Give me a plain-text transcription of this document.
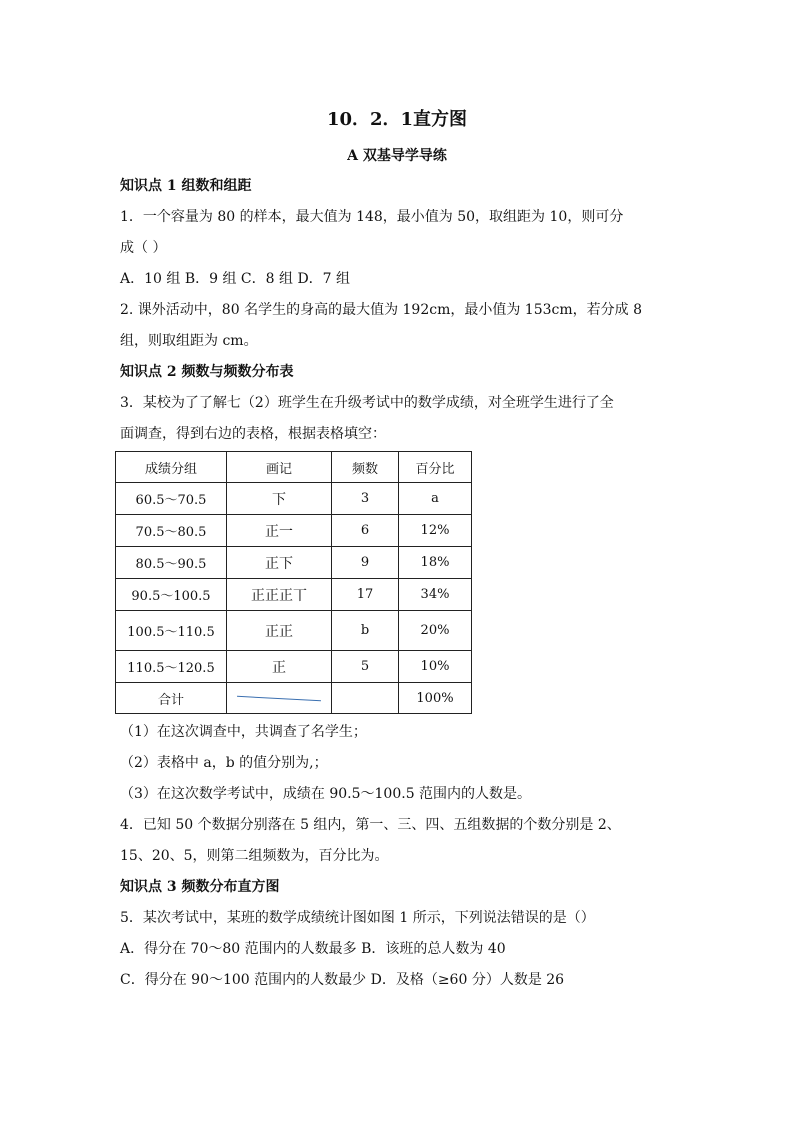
10．2．1直方图
A 双基导学导练
知识点 1 组数和组距
1．一个容量为 80 的样本，最大值为 148，最小值为 50，取组距为 10，则可分
成（ ）
A．10 组 B．9 组 C．8 组 D．7 组
2. 课外活动中，80 名学生的身高的最大值为 192cm，最小值为 153cm，若分成 8
组，则取组距为 cm。
知识点 2 频数与频数分布表
3．某校为了了解七（2）班学生在升级考试中的数学成绩，对全班学生进行了全
面调查，得到右边的表格，根据表格填空：
成绩分组	画记	频数	百分比
60.5～70.5	下	3	a
70.5～80.5	正一	6	12%
80.5～90.5	正下	9	18%
90.5～100.5	正正正丅	17	34%
100.5～110.5	正正	b	20%
110.5～120.5	正	5	10%
合计			100%
（1）在这次调查中，共调查了名学生；
（2）表格中 a，b 的值分别为,；
（3）在这次数学考试中，成绩在 90.5～100.5 范围内的人数是。
4．已知 50 个数据分别落在 5 组内，第一、三、四、五组数据的个数分别是 2、
15、20、5，则第二组频数为，百分比为。
知识点 3 频数分布直方图
5．某次考试中，某班的数学成绩统计图如图 1 所示，下列说法错误的是（）
A．得分在 70～80 范围内的人数最多 B．该班的总人数为 40
C．得分在 90～100 范围内的人数最少 D．及格（≥60 分）人数是 26
